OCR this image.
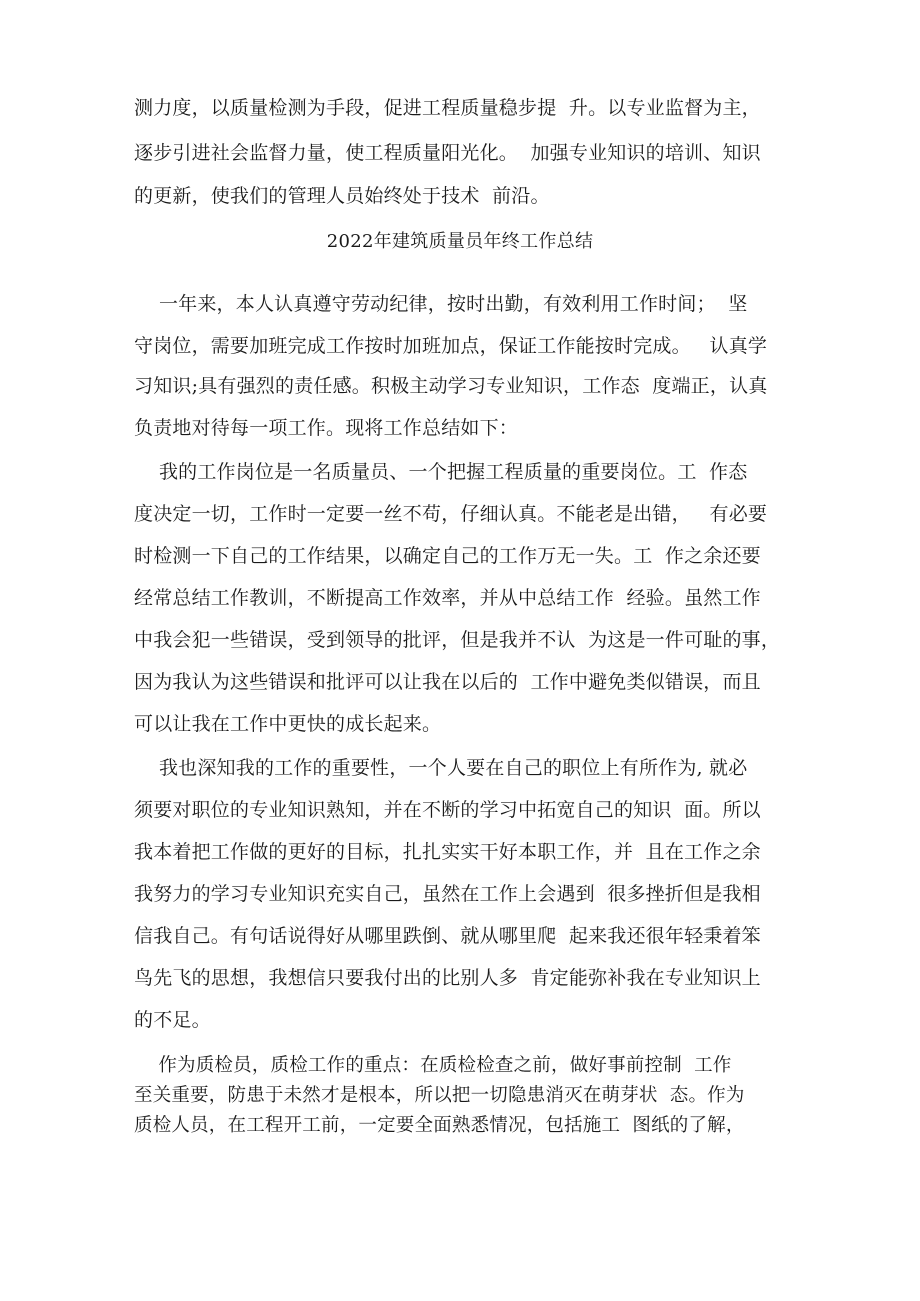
测力度，以质量检测为手段，促进工程质量稳步提  升。以专业监督为主，
逐步引进社会监督力量，使工程质量阳光化。  加强专业知识的培训、知识
的更新，使我们的管理人员始终处于技术  前沿。
2022年建筑质量员年终工作总结
一年来，本人认真遵守劳动纪律，按时出勤，有效利用工作时间；  坚
守岗位，需要加班完成工作按时加班加点，保证工作能按时完成。   认真学
习知识;具有强烈的责任感。积极主动学习专业知识，工作态  度端正，认真
负责地对待每一项工作。现将工作总结如下：
我的工作岗位是一名质量员、一个把握工程质量的重要岗位。工  作态
度决定一切，工作时一定要一丝不苟，仔细认真。不能老是出错，   有必要
时检测一下自己的工作结果，以确定自己的工作万无一失。工  作之余还要
经常总结工作教训，不断提高工作效率，并从中总结工作  经验。虽然工作
中我会犯一些错误，受到领导的批评，但是我并不认  为这是一件可耻的事，
因为我认为这些错误和批评可以让我在以后的  工作中避免类似错误，而且
可以让我在工作中更快的成长起来。
我也深知我的工作的重要性，一个人要在自己的职位上有所作为, 就必
须要对职位的专业知识熟知，并在不断的学习中拓宽自己的知识  面。所以
我本着把工作做的更好的目标，扎扎实实干好本职工作，并  且在工作之余
我努力的学习专业知识充实自己，虽然在工作上会遇到  很多挫折但是我相
信我自己。有句话说得好从哪里跌倒、就从哪里爬  起来我还很年轻秉着笨
鸟先飞的思想，我想信只要我付出的比别人多  肯定能弥补我在专业知识上
的不足。
作为质检员，质检工作的重点：在质检检查之前，做好事前控制  工作
至关重要，防患于未然才是根本，所以把一切隐患消灭在萌芽状  态。作为
质检人员，在工程开工前，一定要全面熟悉情况，包括施工  图纸的了解，
